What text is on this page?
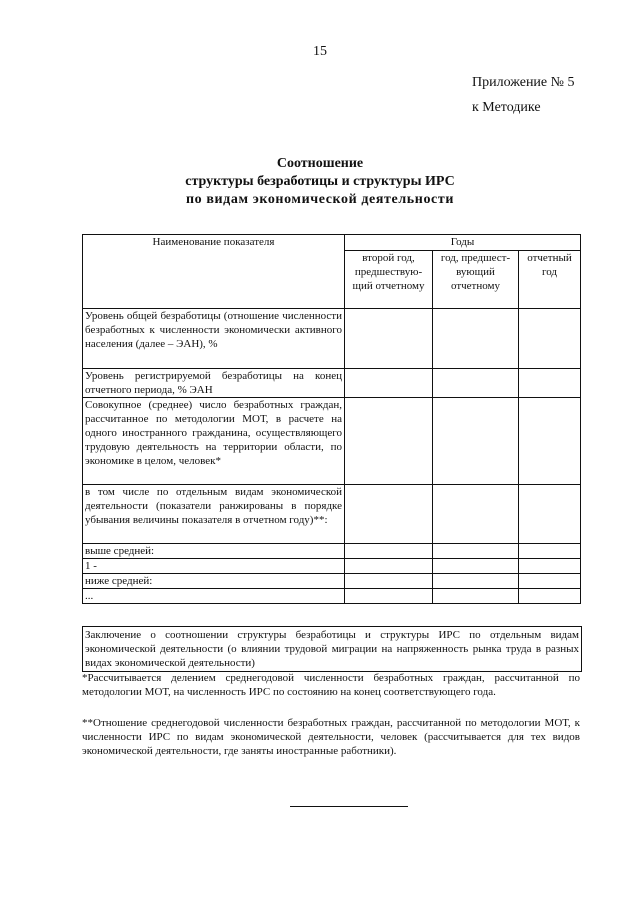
15
Приложение № 5
к Методике
Соотношение
структуры безработицы и структуры ИРС
по видам экономической деятельности
Наименование показателя	Годы		
	второй год, предшествую- щий отчетному	год, предшест- вующий отчетному	отчетный год
Уровень общей безработицы (отношение численности безработных к численности экономически активного населения (далее – ЭАН), %			
Уровень регистрируемой безработицы на конец отчетного периода, % ЭАН			
Совокупное (среднее) число безработных граждан, рассчитанное по методологии МОТ, в расчете на одного иностранного гражданина, осуществляющего трудовую деятельность на территории области, по экономике в целом, человек*			
в том числе по отдельным видам экономической деятельности (показатели ранжированы в порядке убывания величины показателя в отчетном году)**:			
выше средней:			
1 -			
ниже средней:			
...			
Заключение о соотношении структуры безработицы и структуры ИРС по отдельным видам экономической деятельности (о влиянии трудовой миграции на напряженность рынка труда в разных видах экономической деятельности)
*Рассчитывается делением среднегодовой численности безработных граждан, рассчитанной по методологии МОТ, на численность ИРС по состоянию на конец соответствующего года.
**Отношение среднегодовой численности безработных граждан, рассчитанной по методологии МОТ, к численности ИРС по видам экономической деятельности, человек (рассчитывается для тех видов экономической деятельности, где заняты иностранные работники).
